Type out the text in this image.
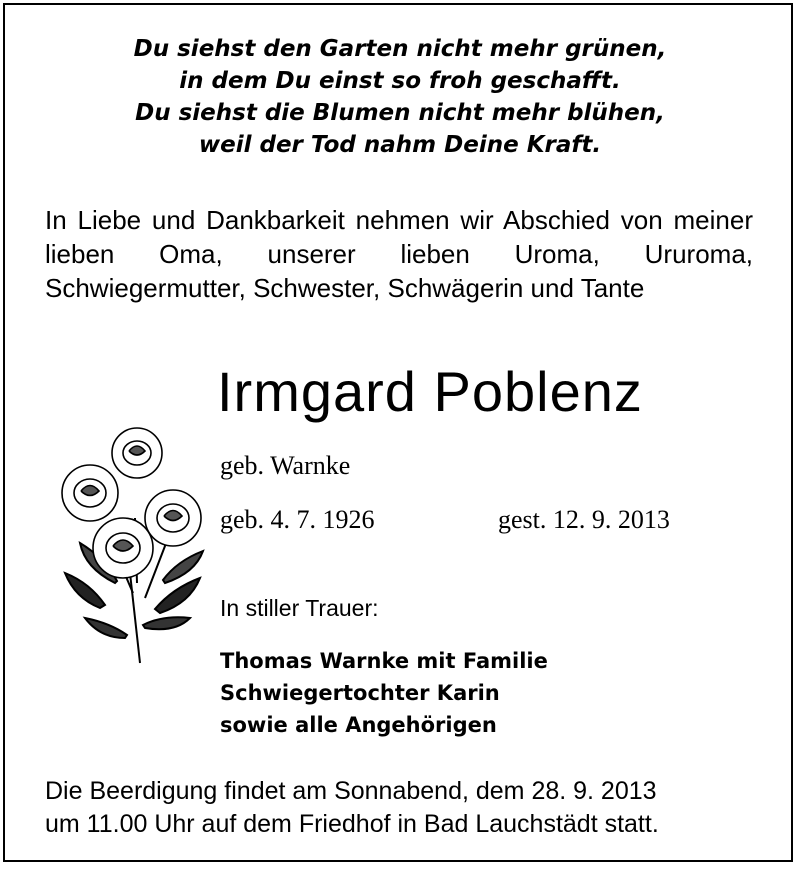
Du siehst den Garten nicht mehr grünen,
in dem Du einst so froh geschafft.
Du siehst die Blumen nicht mehr blühen,
weil der Tod nahm Deine Kraft.
In Liebe und Dankbarkeit nehmen wir Abschied von meiner lieben Oma, unserer lieben Uroma, Ururoma, Schwiegermutter, Schwester, Schwägerin und Tante
Irmgard Poblenz
geb. Warnke
geb. 4. 7. 1926	gest. 12. 9. 2013
In stiller Trauer:
Thomas Warnke mit Familie
Schwiegertochter Karin
sowie alle Angehörigen
Die Beerdigung findet am Sonnabend, dem 28. 9. 2013
um 11.00 Uhr auf dem Friedhof in Bad Lauchstädt statt.
